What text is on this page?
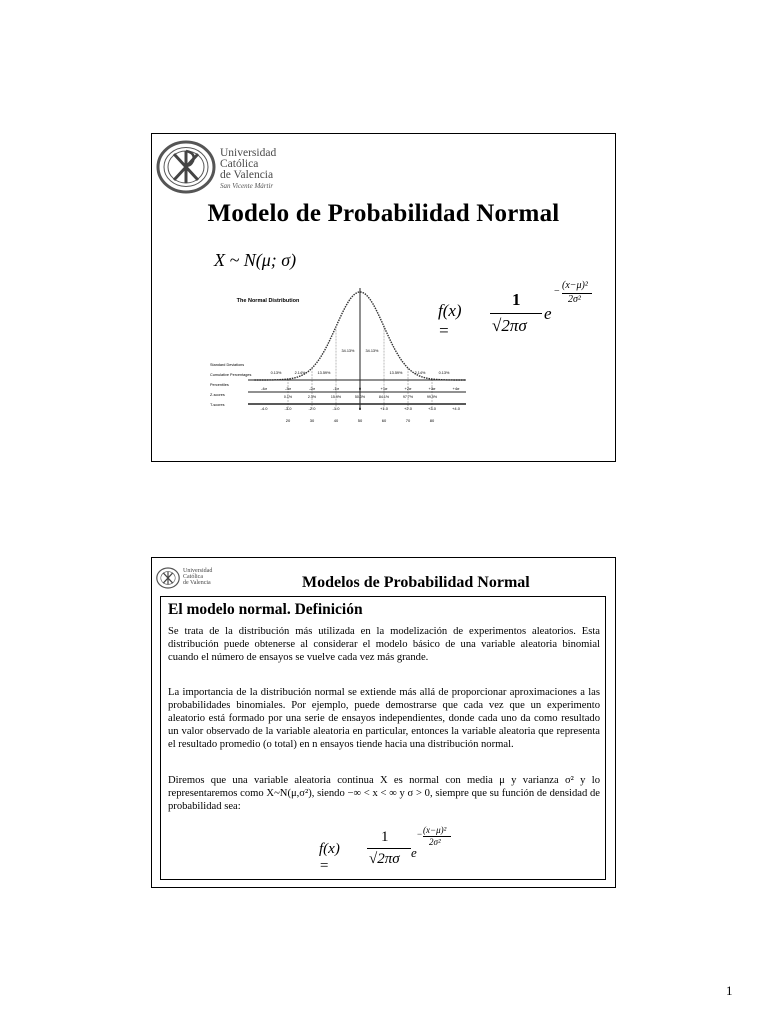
Universidad
Católica
de Valencia
San Vicente Mártir
Modelo de Probabilidad Normal
X ~ N(μ; σ)
f(x) =
1
√2πσ
e
−
(x−μ)²
2σ²
The Normal Distribution
Standard Deviations
Cumulative Percentages
Percentiles
Z-scores
T-scores
-4σ	-3σ	-2σ	-1σ	0	+1σ	+2σ	+3σ	+4σ
0.13%	2.14%	13.59%
34.13%	34.13%
13.59%	2.14%	0.13%
0.1%	2.3%	15.9%	50.0%	84.1%	97.7%	99.9%
-4.0	-3.0	-2.0	-1.0	0	+1.0	+2.0	+3.0	+4.0
20	30	40	50	60	70	80
Universidad
Católica
de Valencia	Modelos de Probabilidad Normal
El modelo normal. Definición
Se trata de la distribución más utilizada en la modelización de experimentos aleatorios. Esta distribución puede obtenerse al considerar el modelo básico de una variable aleatoria binomial cuando el número de ensayos se vuelve cada vez más grande.
La importancia de la distribución normal se extiende más allá de proporcionar aproximaciones a las probabilidades binomiales. Por ejemplo, puede demostrarse que cada vez que un experimento aleatorio está formado por una serie de ensayos independientes, donde cada uno da como resultado un valor observado de la variable aleatoria en particular, entonces la variable aleatoria que representa el resultado promedio (o total) en n ensayos tiende hacia una distribución normal.
Diremos que una variable aleatoria continua X es normal con media μ y varianza σ² y lo representaremos como X~N(μ,σ²), siendo −∞ < x < ∞ y σ > 0, siempre que su función de densidad de probabilidad sea:
f(x) =
1
√2πσ e
− (x−μ)²
2σ²
1
